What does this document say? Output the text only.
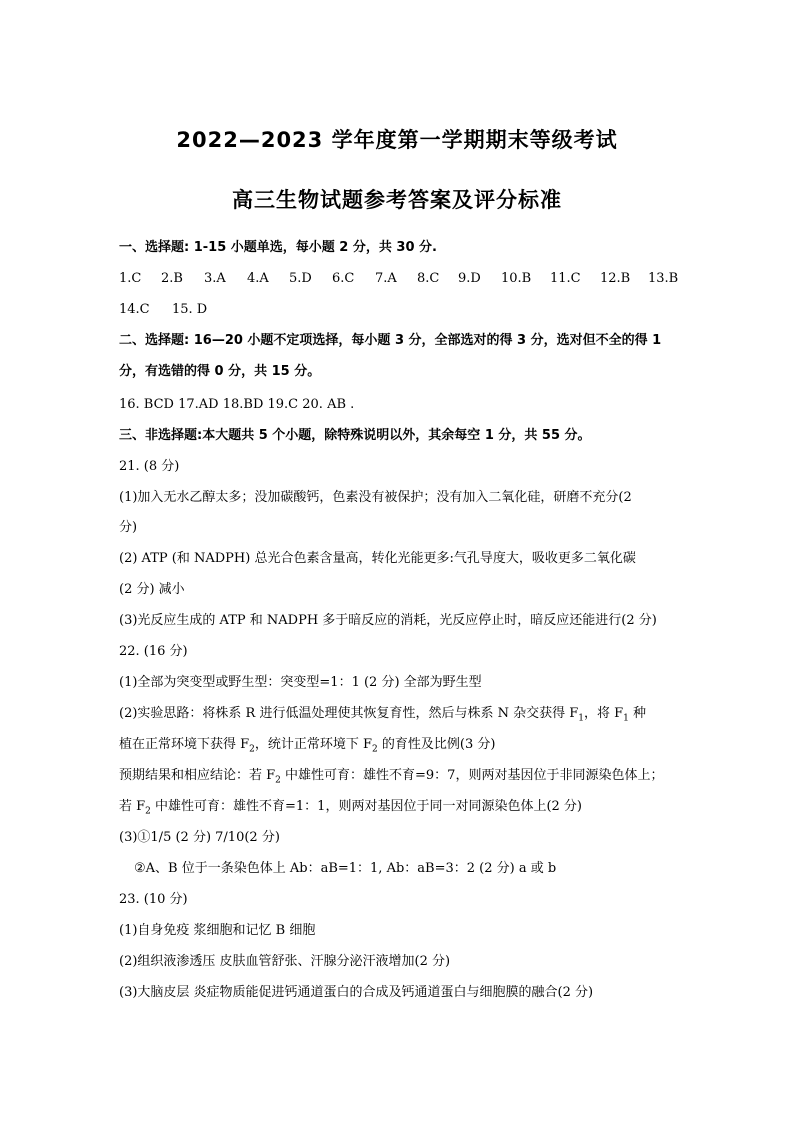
2022—2023 学年度第一学期期末等级考试
高三生物试题参考答案及评分标准
一、选择题: 1-15 小题单选，每小题 2 分，共 30 分.
1.C 2.B 3.A 4.A 5.D 6.C 7.A 8.C 9.D 10.B 11.C 12.B 13.B
14.C 15. D
二、选择题: 16—20 小题不定项选择，每小题 3 分，全部选对的得 3 分，选对但不全的得 1
分，有选错的得 0 分，共 15 分。
16. BCD 17.AD 18.BD 19.C 20. AB .
三、非选择题:本大题共 5 个小题，除特殊说明以外，其余每空 1 分，共 55 分。
21. (8 分)
(1)加入无水乙醇太多；没加碳酸钙，色素没有被保护；没有加入二氧化硅，研磨不充分(2
分)
(2) ATP (和 NADPH) 总光合色素含量高，转化光能更多:气孔导度大，吸收更多二氧化碳
(2 分) 减小
(3)光反应生成的 ATP 和 NADPH 多于暗反应的消耗，光反应停止时，暗反应还能进行(2 分)
22. (16 分)
(1)全部为突变型或野生型：突变型=1：1 (2 分) 全部为野生型
(2)实验思路：将株系 R 进行低温处理使其恢复育性，然后与株系 N 杂交获得 $F_1$，将 $F_1$ 种
植在正常环境下获得 $F_2$，统计正常环境下 $F_2$ 的育性及比例(3 分)
预期结果和相应结论：若 $F_2$ 中雄性可育：雄性不育=9：7，则两对基因位于非同源染色体上；
若 $F_2$ 中雄性可育：雄性不育=1：1，则两对基因位于同一对同源染色体上(2 分)
(3)①1/5 (2 分) 7/10(2 分)
②A、B 位于一条染色体上 Ab：aB=1：1, Ab：aB=3：2 (2 分) a 或 b
23. (10 分)
(1)自身免疫 浆细胞和记忆 B 细胞
(2)组织液渗透压 皮肤血管舒张、汗腺分泌汗液增加(2 分)
(3)大脑皮层 炎症物质能促进钙通道蛋白的合成及钙通道蛋白与细胞膜的融合(2 分)
